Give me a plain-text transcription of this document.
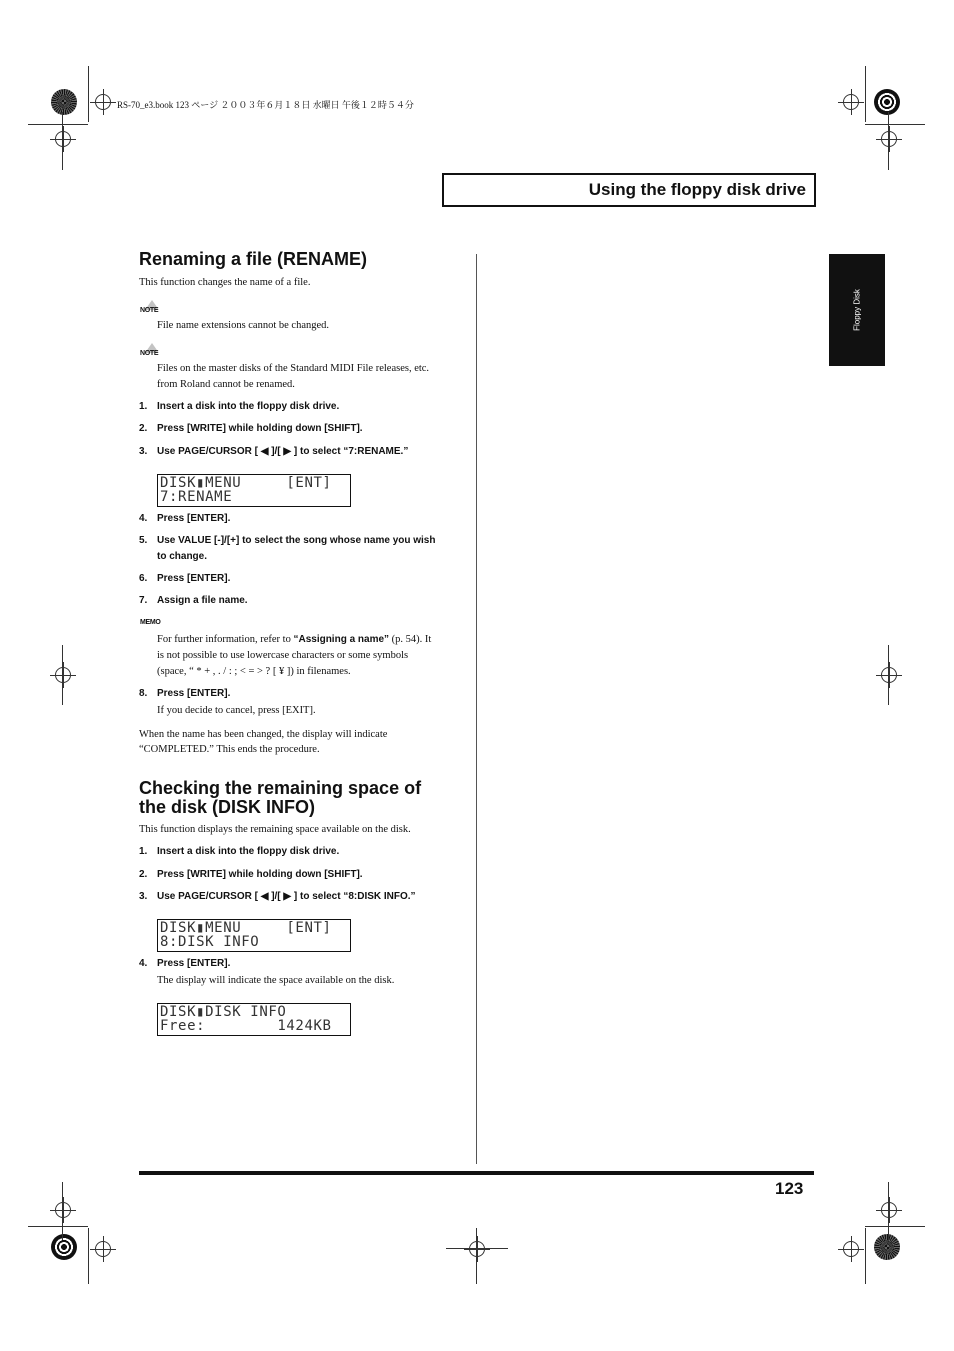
RS-70_e3.book 123 ページ ２００３年６月１８日 水曜日 午後１２時５４分
Using the floppy disk drive
Floppy Disk
Renaming a file (RENAME)
This function changes the name of a file.
NOTE
File name extensions cannot be changed.
NOTE
Files on the master disks of the Standard MIDI File releases, etc.
from Roland cannot be renamed.
1. Insert a disk into the floppy disk drive.
2. Press [WRITE] while holding down [SHIFT].
3. Use PAGE/CURSOR [ ◀ ]/[ ▶ ] to select “7:RENAME.”
DISK▮MENU     [ENT]
7:RENAME
4. Press [ENTER].
5. Use VALUE [-]/[+] to select the song whose name you wish
to change.
6. Press [ENTER].
7. Assign a file name.
MEMO
For further information, refer to “Assigning a name” (p. 54). It
is not possible to use lowercase characters or some symbols
(space, “ * + , . / : ; < = > ? [ ¥ ]) in filenames.
8. Press [ENTER].
If you decide to cancel, press [EXIT].
When the name has been changed, the display will indicate
“COMPLETED.” This ends the procedure.
Checking the remaining space of
the disk (DISK INFO)
This function displays the remaining space available on the disk.
1. Insert a disk into the floppy disk drive.
2. Press [WRITE] while holding down [SHIFT].
3. Use PAGE/CURSOR [ ◀ ]/[ ▶ ] to select “8:DISK INFO.”
DISK▮MENU     [ENT]
8:DISK INFO
4. Press [ENTER].
The display will indicate the space available on the disk.
DISK▮DISK INFO
Free:        1424KB
123
